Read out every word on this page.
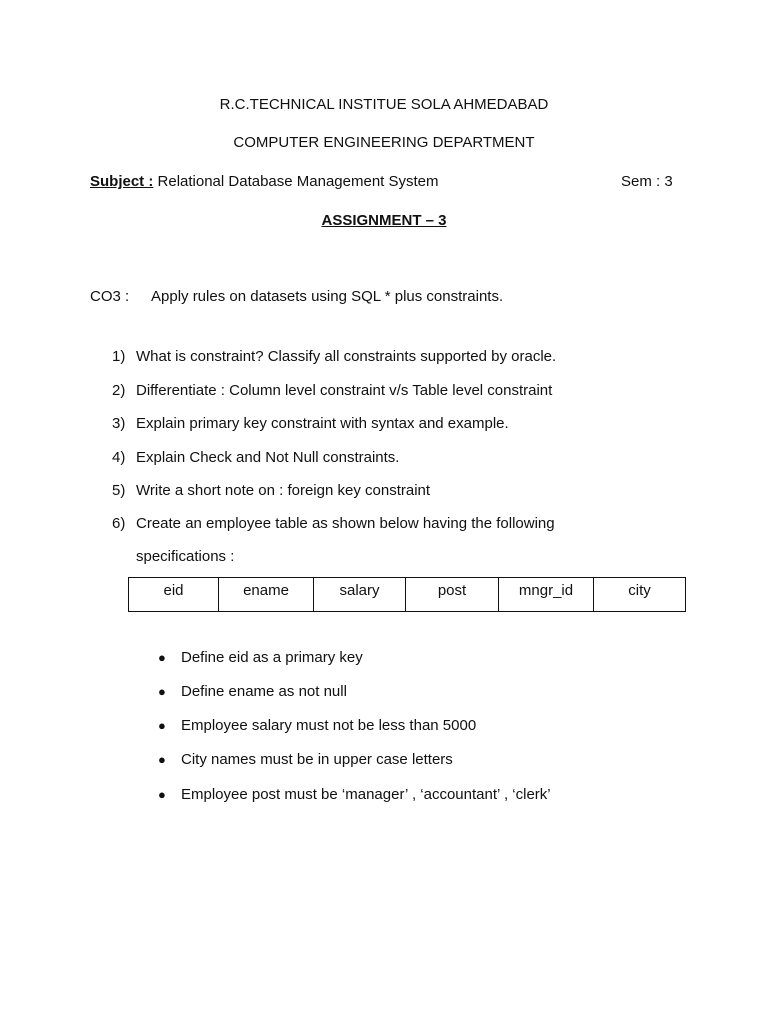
R.C.TECHNICAL INSTITUE SOLA AHMEDABAD
COMPUTER ENGINEERING DEPARTMENT
Subject : Relational Database Management System	Sem : 3
ASSIGNMENT – 3
CO3 : Apply rules on datasets using SQL * plus constraints.
1) What is constraint? Classify all constraints supported by oracle.
2) Differentiate : Column level constraint v/s Table level constraint
3) Explain primary key constraint with syntax and example.
4) Explain Check and Not Null constraints.
5) Write a short note on : foreign key constraint
6) Create an employee table as shown below having the following
specifications :
eid	ename	salary	post	mngr_id	city
● Define eid as a primary key
● Define ename as not null
● Employee salary must not be less than 5000
● City names must be in upper case letters
● Employee post must be ‘manager’ , ‘accountant’ , ‘clerk’
